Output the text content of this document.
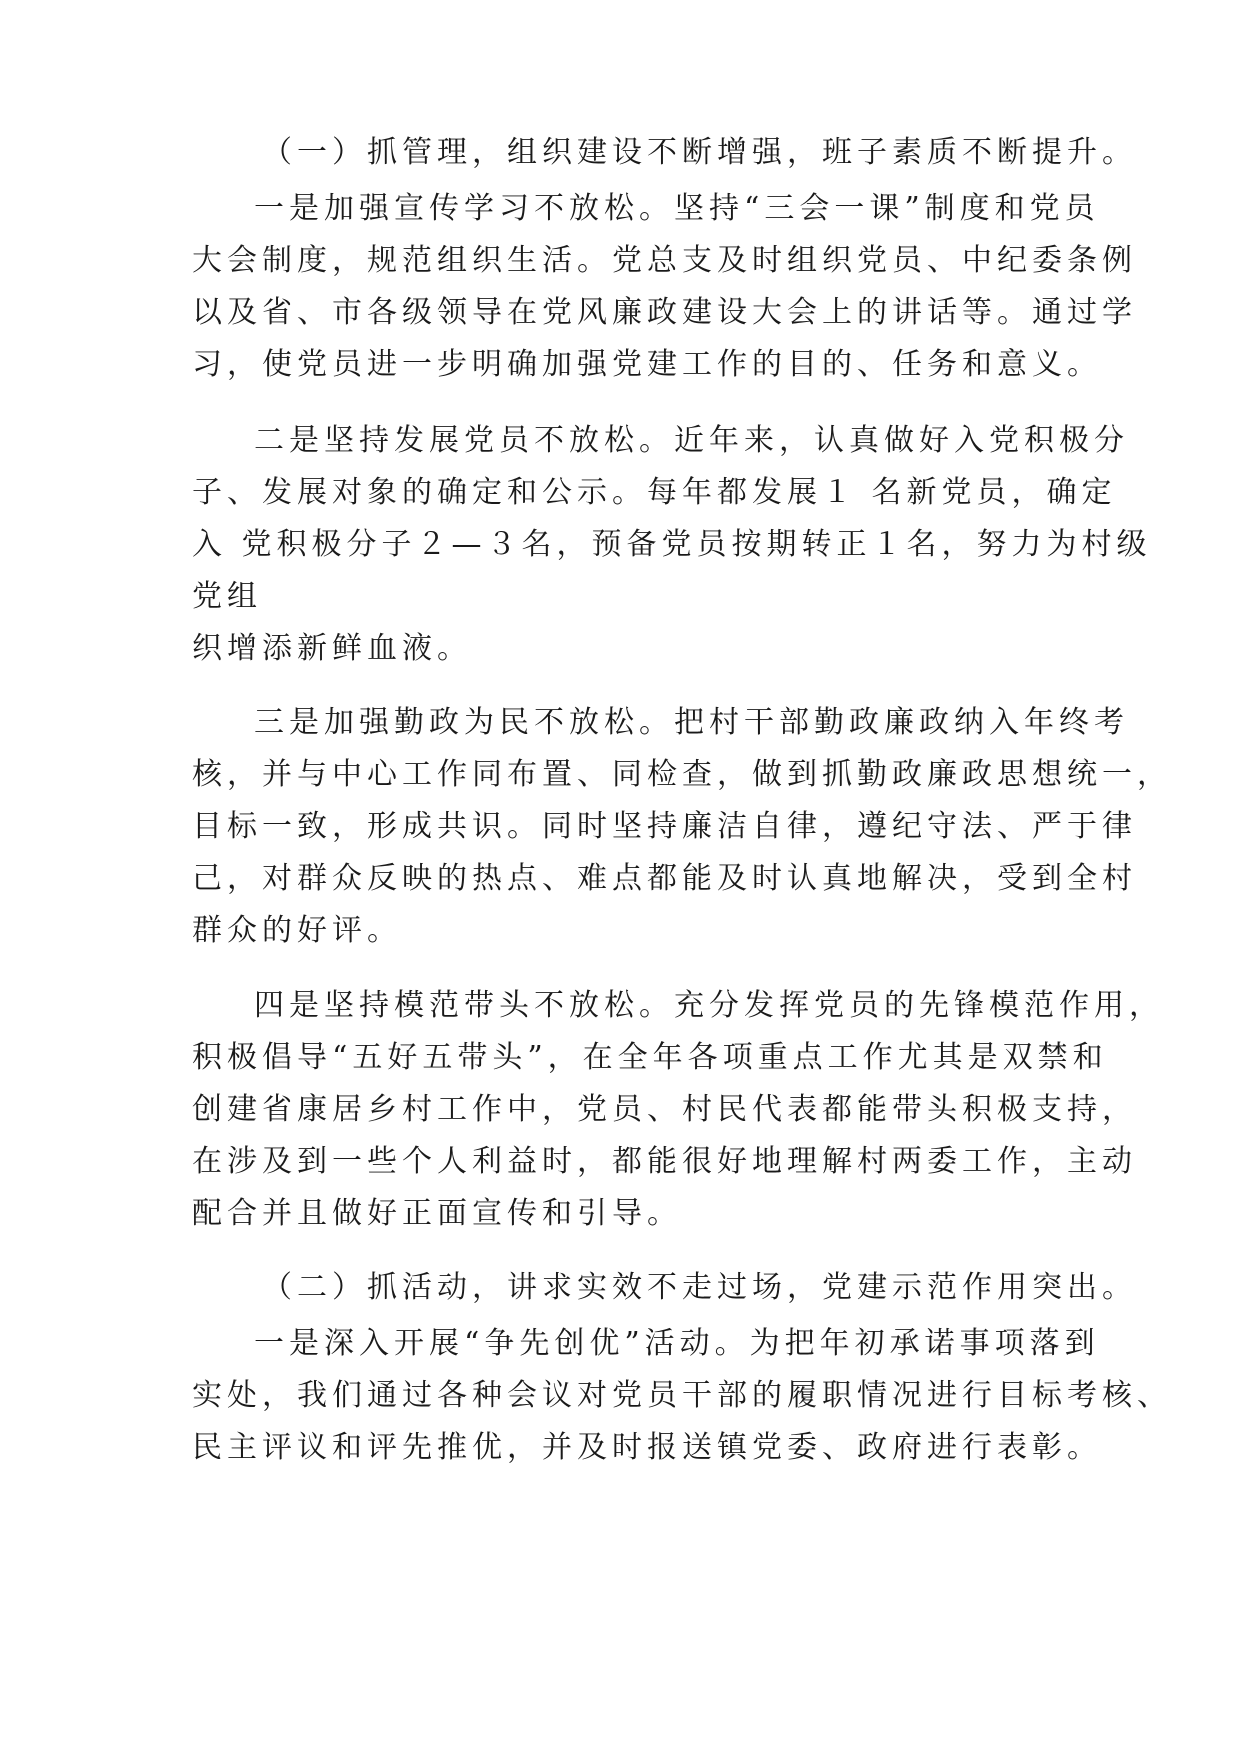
（一）抓管理，组织建设不断增强，班子素质不断提升。
一是加强宣传学习不放松。坚持“三会一课”制度和党员
大会制度，规范组织生活。党总支及时组织党员、中纪委条例
以及省、市各级领导在党风廉政建设大会上的讲话等。通过学
习，使党员进一步明确加强党建工作的目的、任务和意义。
二是坚持发展党员不放松。近年来，认真做好入党积极分
子、发展对象的确定和公示。每年都发展１ 名新党员，确定
入 党积极分子２—３名，预备党员按期转正１名，努力为村级
党组
织增添新鲜血液。
三是加强勤政为民不放松。把村干部勤政廉政纳入年终考
核，并与中心工作同布置、同检查，做到抓勤政廉政思想统一，
目标一致，形成共识。同时坚持廉洁自律，遵纪守法、严于律
己，对群众反映的热点、难点都能及时认真地解决，受到全村
群众的好评。
四是坚持模范带头不放松。充分发挥党员的先锋模范作用，
积极倡导“五好五带头”，在全年各项重点工作尤其是双禁和
创建省康居乡村工作中，党员、村民代表都能带头积极支持，
在涉及到一些个人利益时，都能很好地理解村两委工作，主动
配合并且做好正面宣传和引导。
（二）抓活动，讲求实效不走过场，党建示范作用突出。
一是深入开展“争先创优”活动。为把年初承诺事项落到
实处，我们通过各种会议对党员干部的履职情况进行目标考核、
民主评议和评先推优，并及时报送镇党委、政府进行表彰。
